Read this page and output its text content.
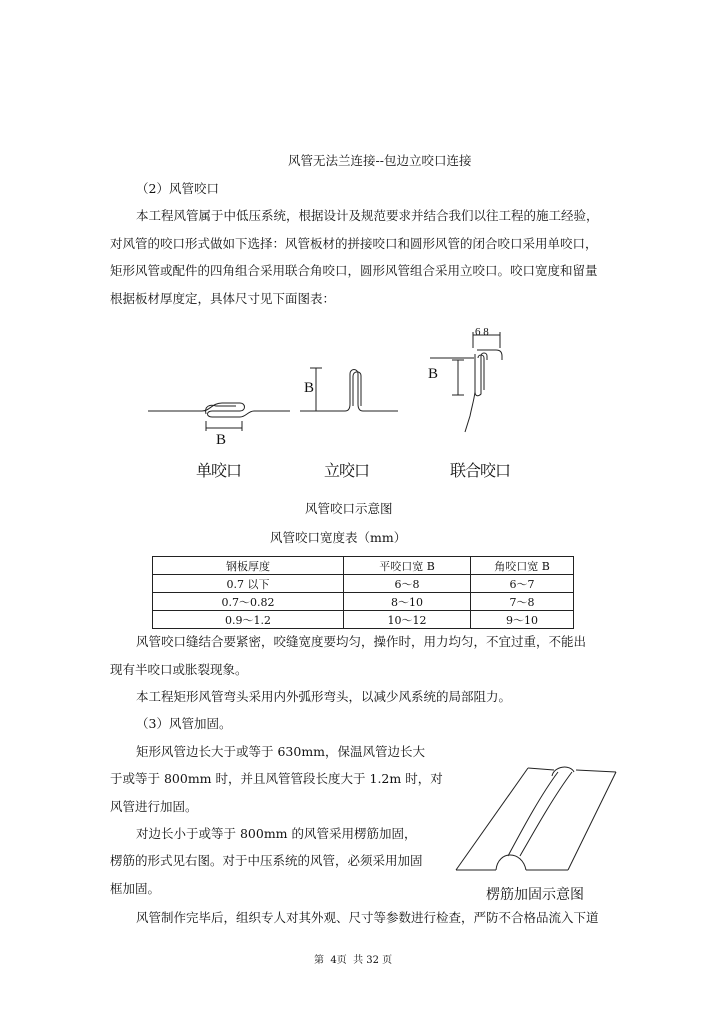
风管无法兰连接--包边立咬口连接
（2）风管咬口
本工程风管属于中低压系统，根据设计及规范要求并结合我们以往工程的施工经验，
对风管的咬口形式做如下选择：风管板材的拼接咬口和圆形风管的闭合咬口采用单咬口，
矩形风管或配件的四角组合采用联合角咬口，圆形风管组合采用立咬口。咬口宽度和留量
根据板材厚度定，具体尺寸见下面图表：
B
B
B
6 8
单咬口	立咬口	联合咬口
风管咬口示意图
风管咬口宽度表（mm）
钢板厚度	平咬口宽 B	角咬口宽 B
0.7 以下	6～8	6～7
0.7～0.82	8～10	7～8
0.9～1.2	10～12	9～10
风管咬口缝结合要紧密，咬缝宽度要均匀，操作时，用力均匀，不宜过重，不能出
现有半咬口或胀裂现象。
本工程矩形风管弯头采用内外弧形弯头，以减少风系统的局部阻力。
（3）风管加固。
矩形风管边长大于或等于 630mm，保温风管边长大
于或等于 800mm 时，并且风管管段长度大于 1.2m 时，对
风管进行加固。
对边长小于或等于 800mm 的风管采用楞筋加固，
楞筋的形式见右图。对于中压系统的风管，必须采用加固
框加固。	楞筋加固示意图
风管制作完毕后，组织专人对其外观、尺寸等参数进行检查，严防不合格品流入下道
第  4页  共 32 页
